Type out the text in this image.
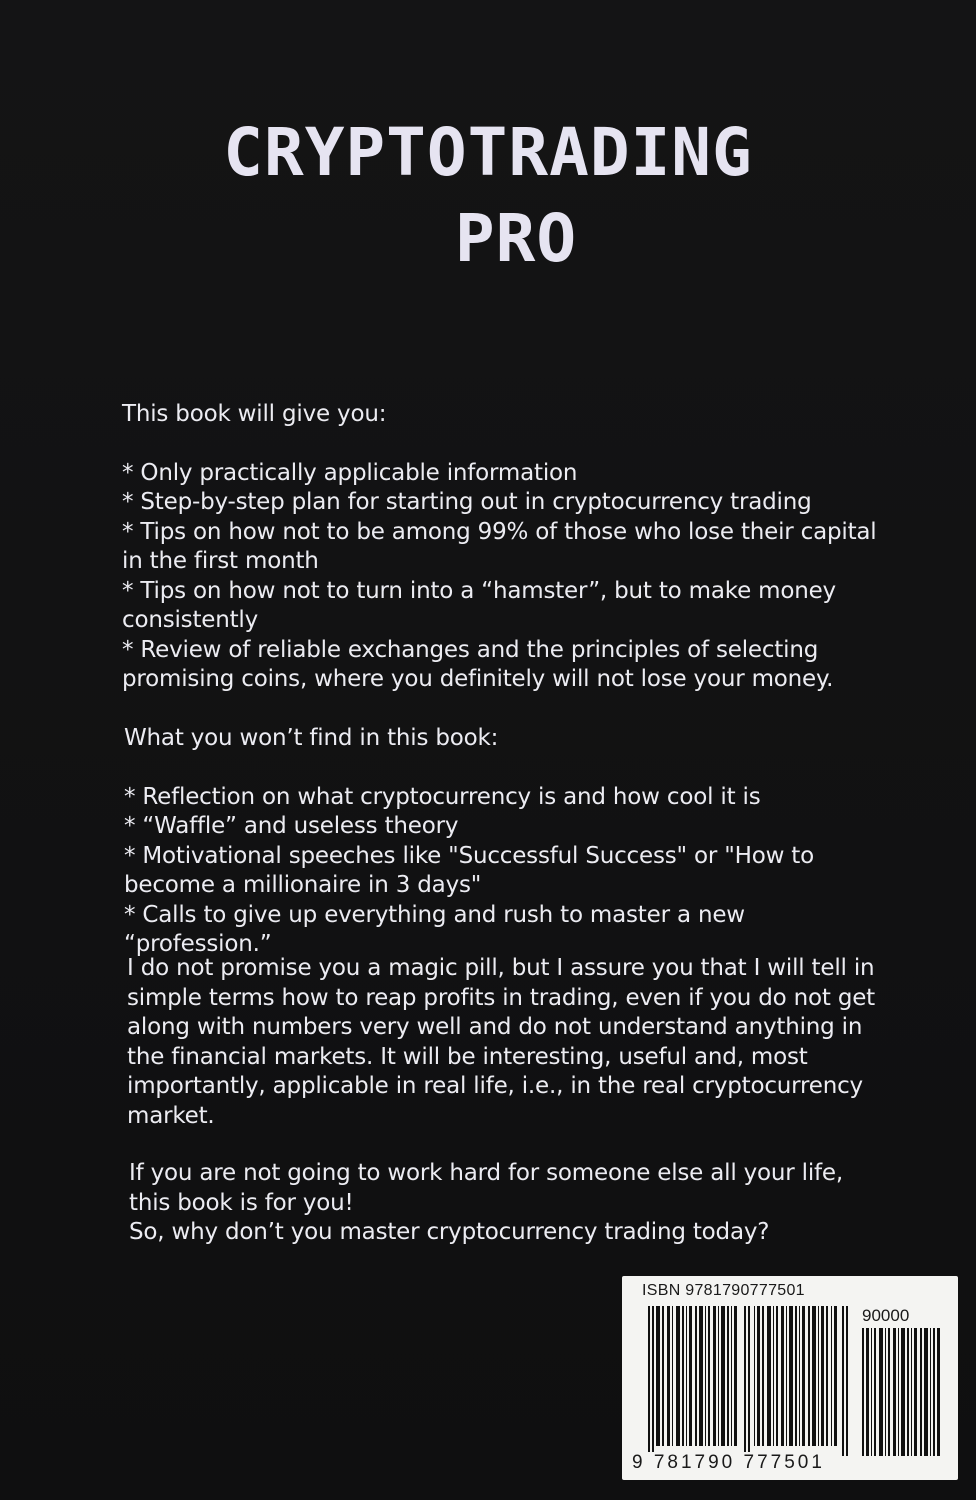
CRYPTOTRADING
PRO

This book will give you:

* Only practically applicable information

* Step-by-step plan for starting out in cryptocurrency trading

* Tips on how not to be among 99% of those who lose their capital in the first month

* Tips on how not to turn into a “hamster”, but to make money consistently

* Review of reliable exchanges and the principles of selecting promising coins, where you definitely will not lose your money.

What you won’t find in this book:

* Reflection on what cryptocurrency is and how cool it is

* “Waffle” and useless theory

* Motivational speeches like "Successful Success" or "How to become a millionaire in 3 days"

* Calls to give up everything and rush to master a new “profession.”

I do not promise you a magic pill, but I assure you that I will tell in simple terms how to reap profits in trading, even if you do not get along with numbers very well and do not understand anything in the financial markets. It will be interesting, useful and, most importantly, applicable in real life, i.e., in the real cryptocurrency market.

If you are not going to work hard for someone else all your life, this book is for you!

So, why don’t you master cryptocurrency trading today?

ISBN 9781790777501
90000
9 781790 777501
